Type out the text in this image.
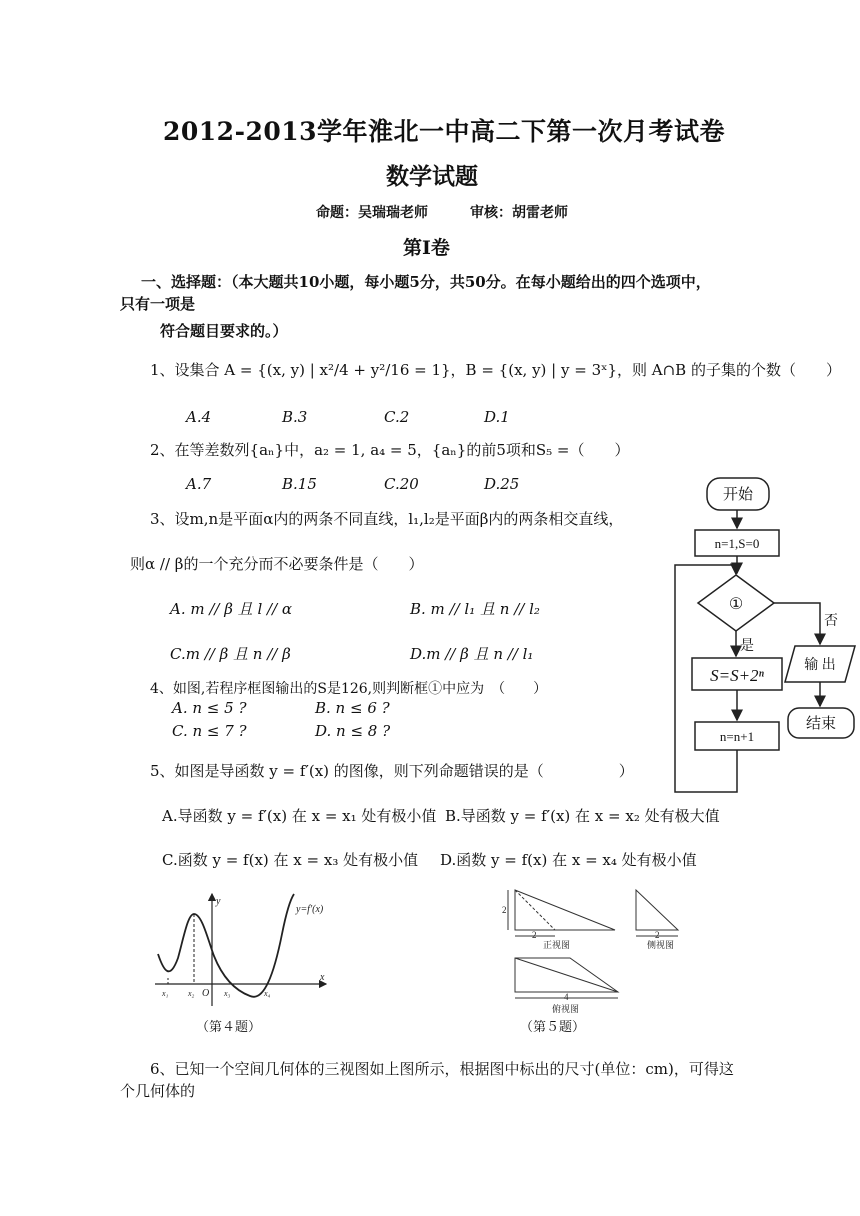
2012-2013学年淮北一中高二下第一次月考试卷
数学试题
命题：吴瑞瑞老师　　　审核：胡雷老师
第Ⅰ卷
一、选择题：（本大题共10小题，每小题5分，共50分。在每小题给出的四个选项中，
只有一项是
符合题目要求的。）
1、设集合 A = {(x, y) | x²/4 + y²/16 = 1}，B = {(x, y) | y = 3ˣ}，则 A∩B 的子集的个数（　　）
A.4	B.3	C.2	D.1
2、在等差数列{aₙ}中，a₂ = 1, a₄ = 5，{aₙ}的前5项和S₅ =（　　）
A.7	B.15	C.20	D.25
3、设m,n是平面α内的两条不同直线，l₁,l₂是平面β内的两条相交直线，
则α // β的一个充分而不必要条件是（　　）
A. m // β 且 l // α	B. m // l₁ 且 n // l₂
C.m // β 且 n // β	D.m // β 且 n // l₁
4、如图,若程序框图输出的S是126,则判断框①中应为　（　　）
A. n ≤ 5 ?	B. n ≤ 6 ?
C. n ≤ 7 ?	D. n ≤ 8 ?
5、如图是导函数 y = f′(x) 的图像，则下列命题错误的是（　　　　　）
A.导函数 y = f′(x) 在 x = x₁ 处有极小值 B.导函数 y = f′(x) 在 x = x₂ 处有极大值
C.函数 y = f(x) 在 x = x₃ 处有极小值 D.函数 y = f(x) 在 x = x₄ 处有极小值
开始
n=1,S=0
①
是
否
S=S+2ⁿ
输 出
结束
n=n+1
y=f′(x)
y
x
x₁ x₂ O x₃	x₄
（第４题）
2
2
正视图
2
侧视图
4
俯视图
（第５题）
6、已知一个空间几何体的三视图如上图所示，根据图中标出的尺寸(单位：cm)，可得这
个几何体的
